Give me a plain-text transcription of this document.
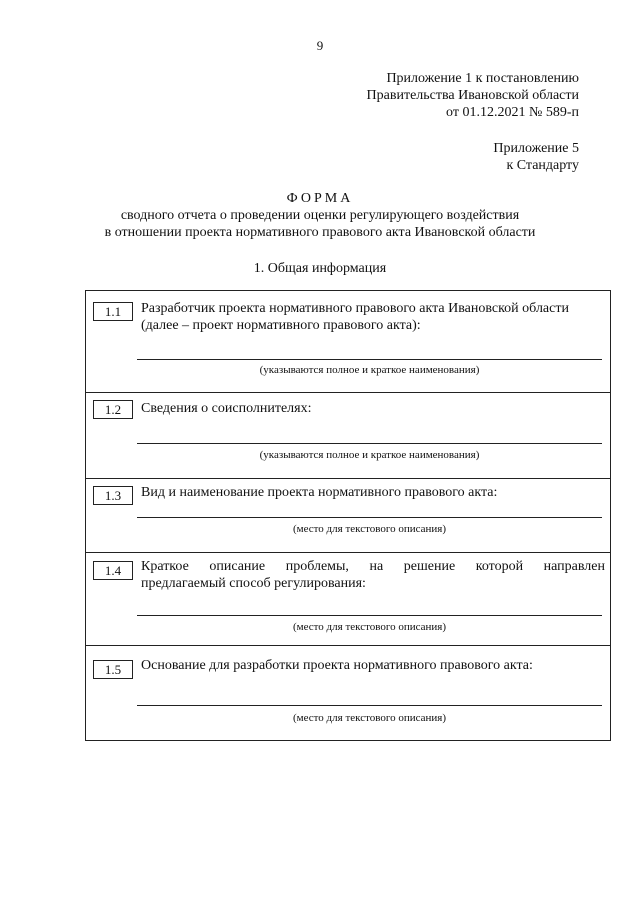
9
Приложение 1 к постановлению
Правительства Ивановской области
от 01.12.2021 № 589-п
Приложение 5
к Стандарту
ФОРМА
сводного отчета о проведении оценки регулирующего воздействия
в отношении проекта нормативного правового акта Ивановской области
1. Общая информация
1.1	Разработчик проекта нормативного правового акта Ивановской области
(далее – проект нормативного правового акта):
(указываются полное и краткое наименования)
1.2	Сведения о соисполнителях:
(указываются полное и краткое наименования)
1.3	Вид и наименование проекта нормативного правового акта:
(место для текстового описания)
1.4	Краткое описание проблемы, на решение которой направлен
предлагаемый способ регулирования:
(место для текстового описания)
1.5	Основание для разработки проекта нормативного правового акта:
(место для текстового описания)
